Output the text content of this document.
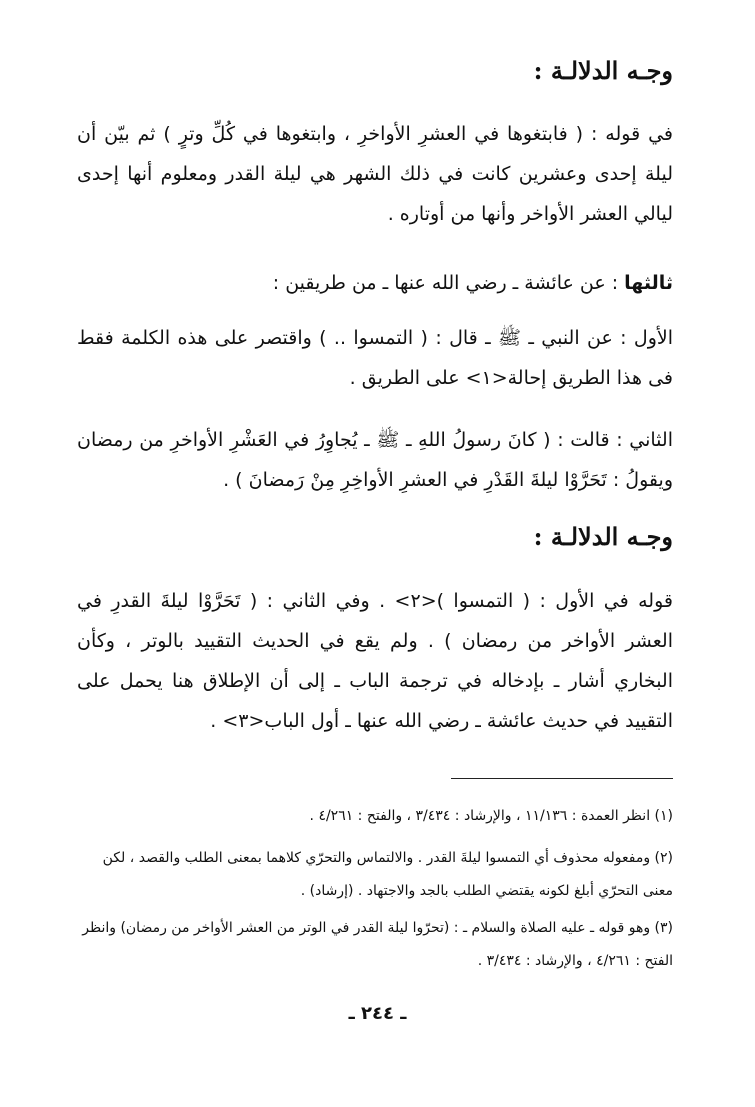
وجـه الدلالـة :
في قوله : ( فابتغوها في العشرِ الأواخرِ ، وابتغوها في كُلِّ وترٍ ) ثم بيّن أن ليلة إحدى وعشرين كانت في ذلك الشهر هي ليلة القدر ومعلوم أنها إحدى ليالي العشر الأواخر وأنها من أوتاره .
ثالثها : عن عائشة ـ رضي الله عنها ـ من طريقين :
الأول : عن النبي ـ ﷺ ـ قال : ( التمسوا .. ) واقتصر على هذه الكلمة فقط فى هذا الطريق إحالة<١> على الطريق .
الثاني : قالت : ( كانَ رسولُ اللهِ ـ ﷺ ـ يُجاوِرُ في العَشْرِ الأواخرِ من رمضان ويقولُ : تَحَرَّوْا ليلةَ القَدْرِ في العشرِ الأواخِرِ مِنْ رَمضانَ ) .
وجـه الدلالـة :
قوله في الأول : ( التمسوا )<٢> . وفي الثاني : ( تَحَرَّوْا ليلةَ القدرِ في العشر الأواخر من رمضان ) . ولم يقع في الحديث التقييد بالوتر ، وكأن البخاري أشار ـ بإدخاله في ترجمة الباب ـ إلى أن الإطلاق هنا يحمل على التقييد في حديث عائشة ـ رضي الله عنها ـ أول الباب<٣> .
(١) انظر العمدة : ١١/١٣٦ ، والإرشاد : ٣/٤٣٤ ، والفتح : ٤/٢٦١ .
(٢) ومفعوله محذوف أي التمسوا ليلةَ القدر . والالتماس والتحرّي كلاهما بمعنى الطلب والقصد ، لكن معنى التحرّي أبلغ لكونه يقتضي الطلب بالجد والاجتهاد . (إرشاد) .
(٣) وهو قوله ـ عليه الصلاة والسلام ـ : (تحرّوا ليلة القدر في الوتر من العشر الأواخر من رمضان) وانظر الفتح : ٤/٢٦١ ، والإرشاد : ٣/٤٣٤ .
ـ ٢٤٤ ـ
